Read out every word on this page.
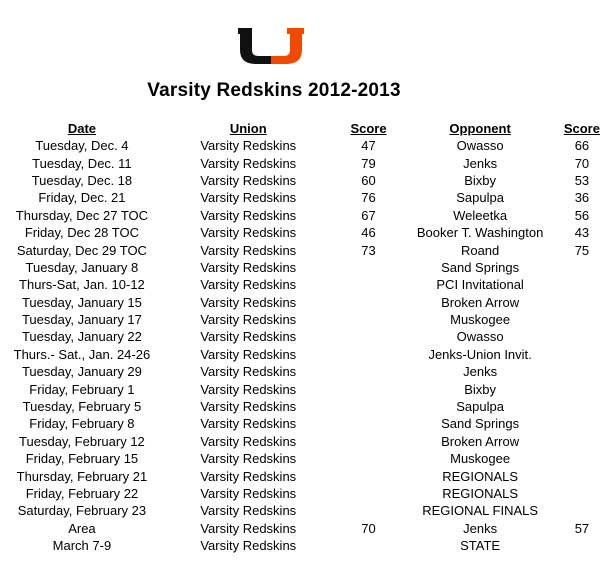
Varsity Redskins 2012-2013
Date	Union	Score	Opponent	Score
Tuesday, Dec. 4	Varsity Redskins	47	Owasso	66
Tuesday, Dec. 11	Varsity Redskins	79	Jenks	70
Tuesday, Dec. 18	Varsity Redskins	60	Bixby	53
Friday, Dec. 21	Varsity Redskins	76	Sapulpa	36
Thursday, Dec 27 TOC	Varsity Redskins	67	Weleetka	56
Friday, Dec 28 TOC	Varsity Redskins	46	Booker T. Washington	43
Saturday, Dec 29 TOC	Varsity Redskins	73	Roand	75
Tuesday, January 8	Varsity Redskins		Sand Springs	
Thurs-Sat, Jan. 10-12	Varsity Redskins		PCI Invitational	
Tuesday, January 15	Varsity Redskins		Broken Arrow	
Tuesday, January 17	Varsity Redskins		Muskogee	
Tuesday, January 22	Varsity Redskins		Owasso	
Thurs.- Sat., Jan. 24-26	Varsity Redskins		Jenks-Union Invit.	
Tuesday, January 29	Varsity Redskins		Jenks	
Friday, February 1	Varsity Redskins		Bixby	
Tuesday, February 5	Varsity Redskins		Sapulpa	
Friday, February 8	Varsity Redskins		Sand Springs	
Tuesday, February 12	Varsity Redskins		Broken Arrow	
Friday, February 15	Varsity Redskins		Muskogee	
Thursday, February 21	Varsity Redskins		REGIONALS	
Friday, February 22	Varsity Redskins		REGIONALS	
Saturday, February 23	Varsity Redskins		REGIONAL FINALS	
Area	Varsity Redskins	70	Jenks	57
March 7-9	Varsity Redskins		STATE	
